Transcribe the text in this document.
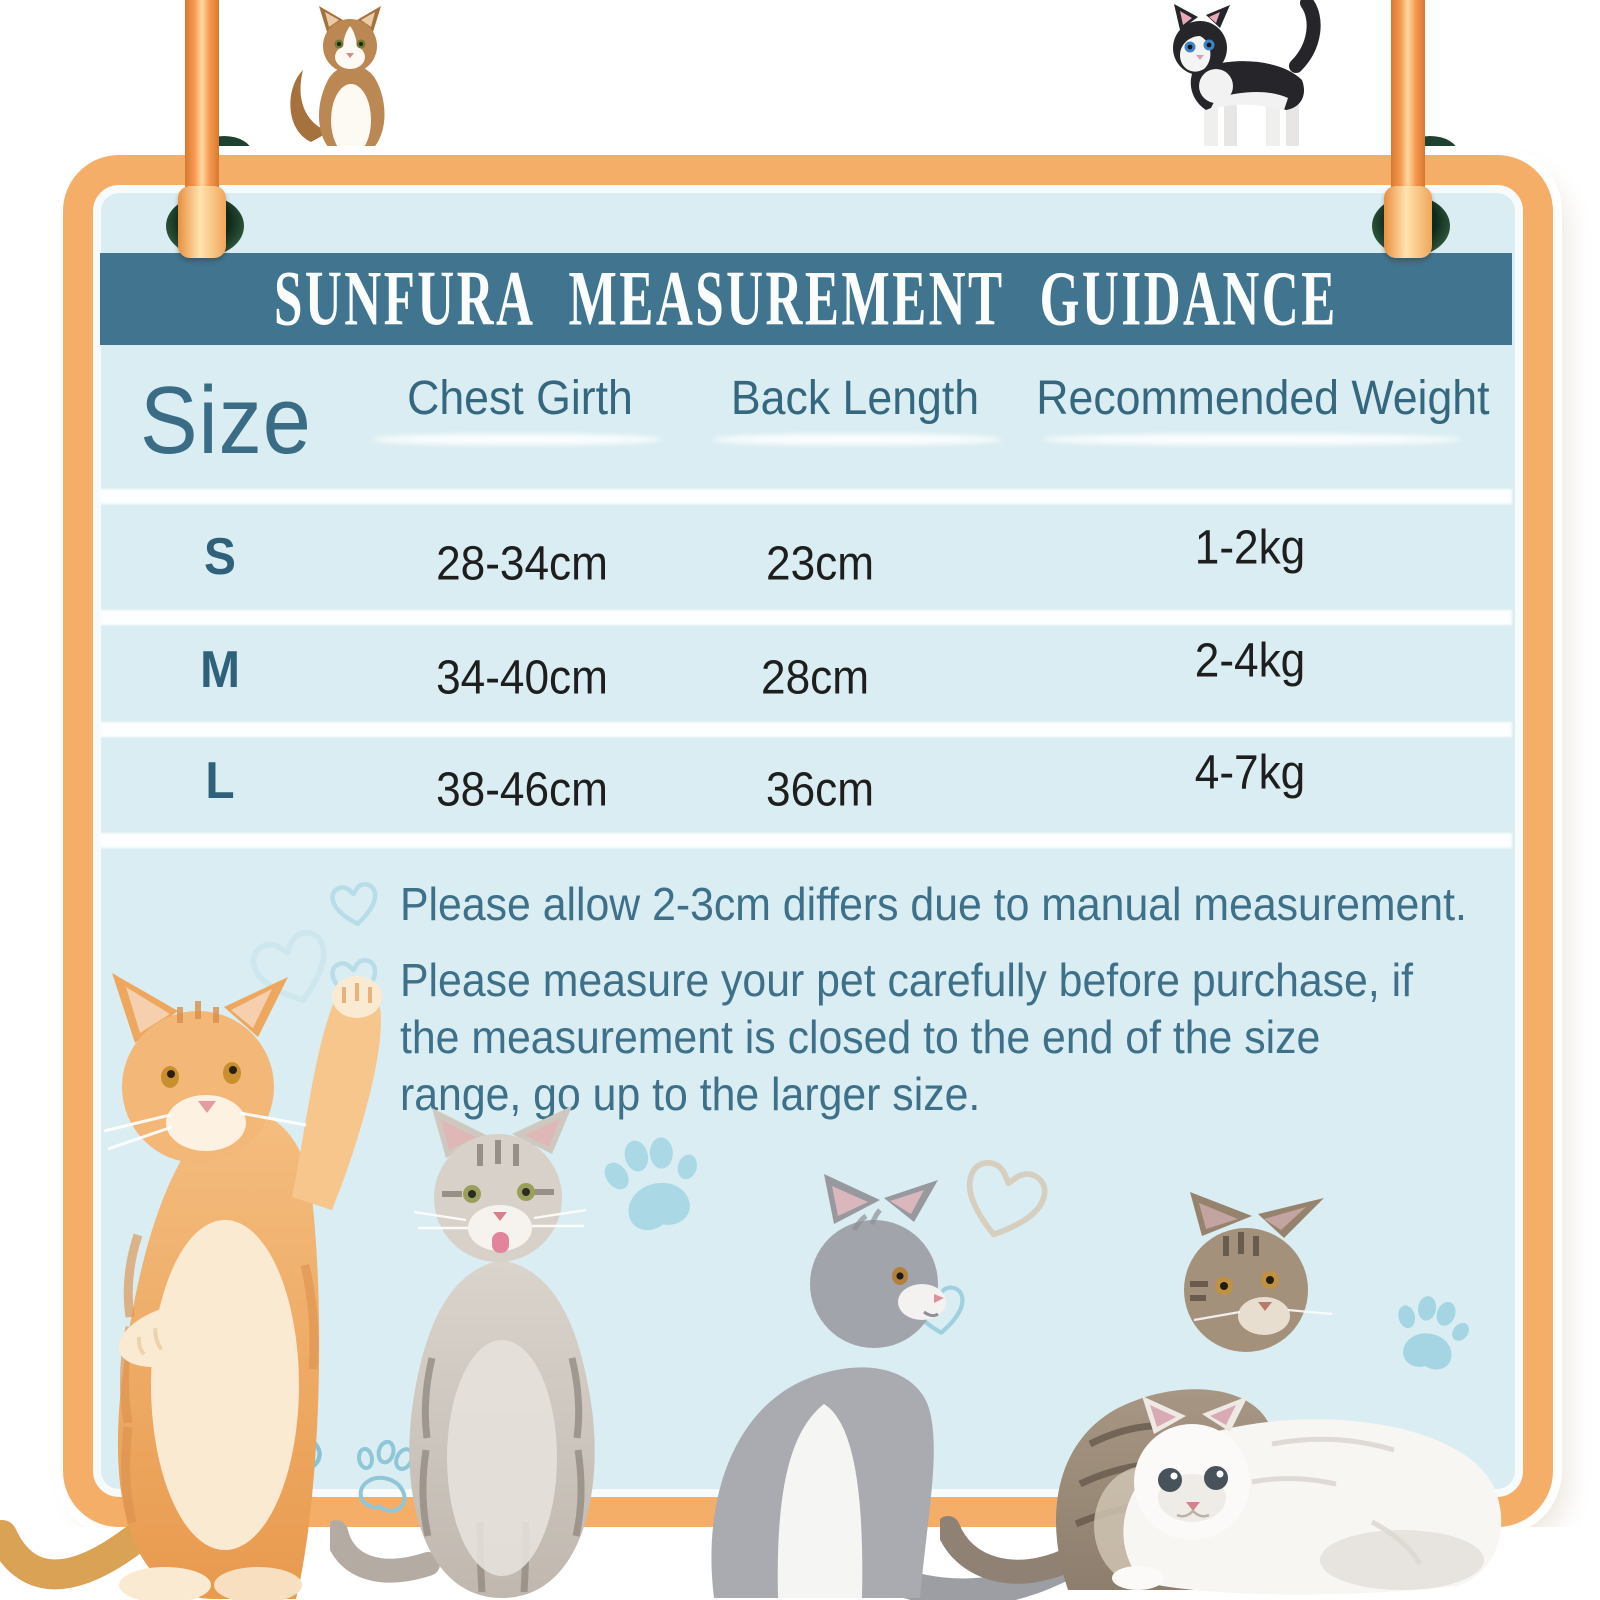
SUNFURA MEASUREMENT GUIDANCE
Size	Chest Girth	Back Length	Recommended Weight
S	28-34cm	23cm	1-2kg
M	34-40cm	28cm	2-4kg
L	38-46cm	36cm	4-7kg
Please allow 2-3cm differs due to manual measurement.
Please measure your pet carefully before purchase, if the measurement is closed to the end of the size range, go up to the larger size.
